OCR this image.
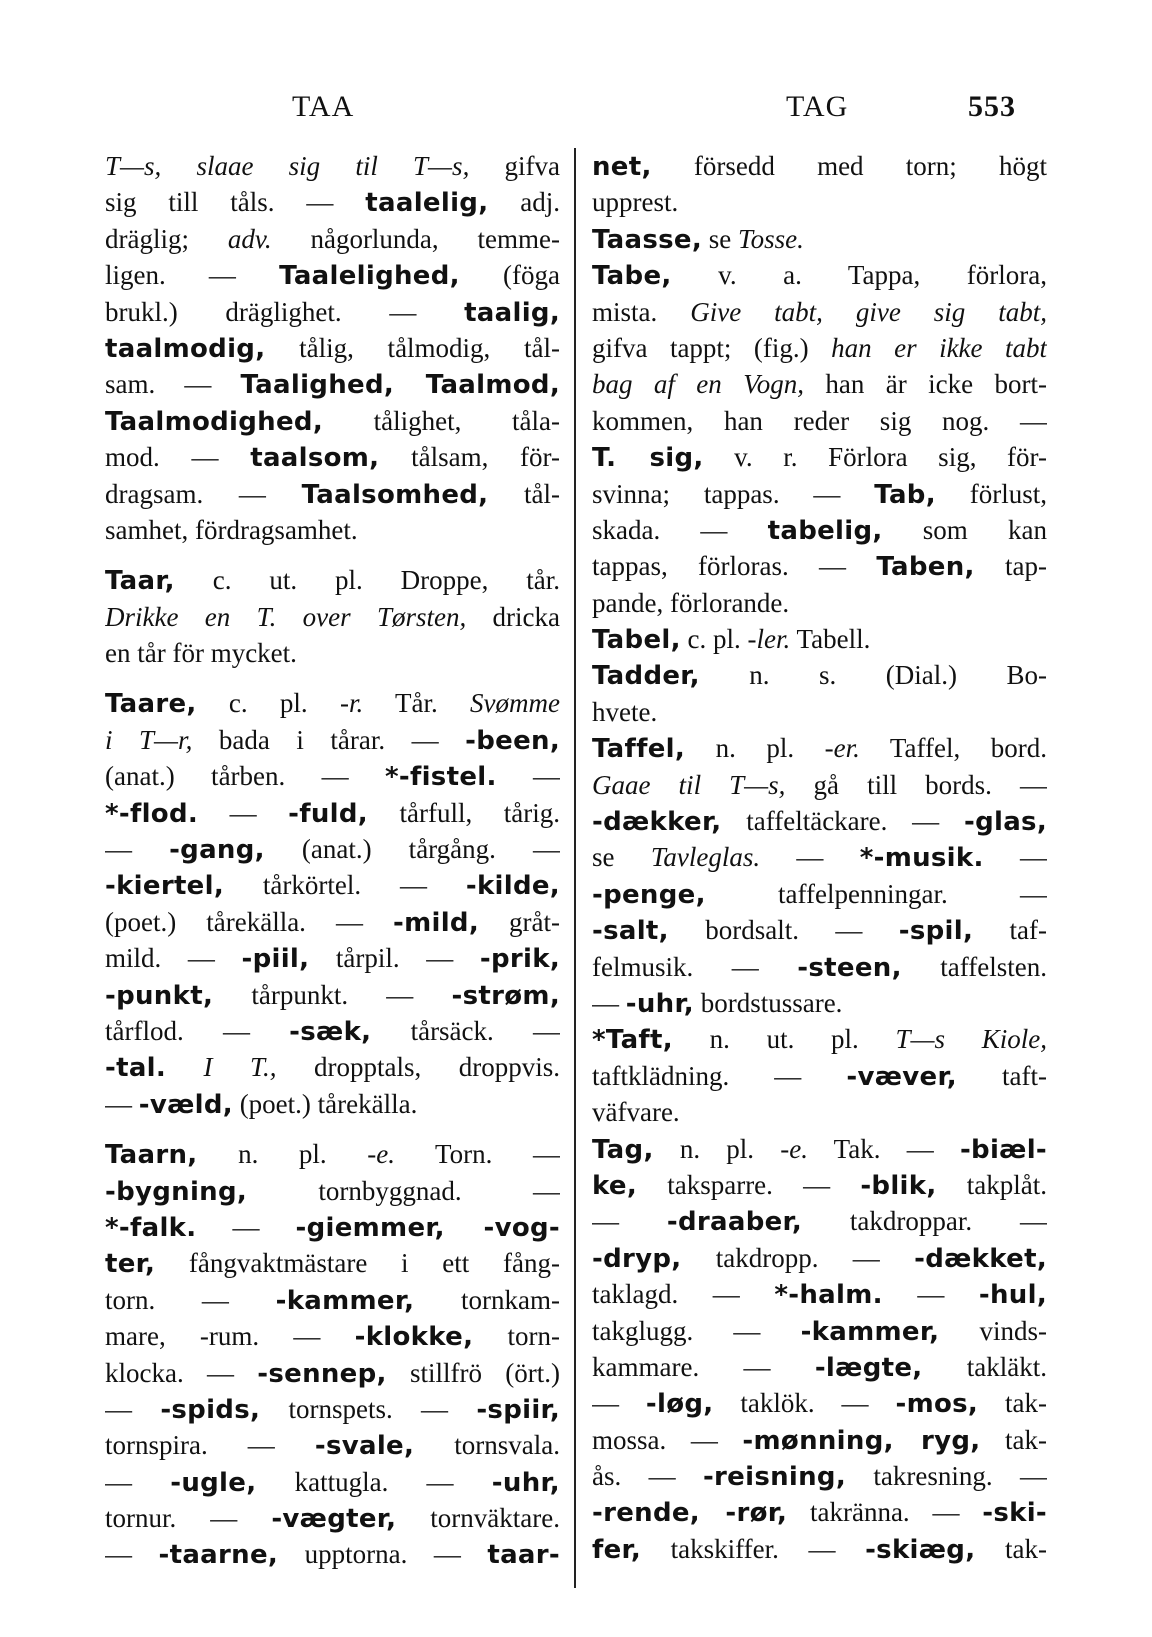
TAA	TAG	553
T—s, slaae sig til T—s, gifva
sig till tåls. — taalelig, adj.
dräglig; adv. någorlunda, temme-
ligen. — Taalelighed, (föga
brukl.) dräglighet. — taalig,
taalmodig, tålig, tålmodig, tål-
sam. — Taalighed, Taalmod,
Taalmodighed, tålighet, tåla-
mod. — taalsom, tålsam, för-
dragsam. — Taalsomhed, tål-
samhet, fördragsamhet.
Taar, c. ut. pl. Droppe, tår.
Drikke en T. over Tørsten, dricka
en tår för mycket.
Taare, c. pl. -r. Tår. Svømme
i T—r, bada i tårar. — -been,
(anat.) tårben. — *-fistel. —
*-flod. — -fuld, tårfull, tårig.
— -gang, (anat.) tårgång. —
-kiertel, tårkörtel. — -kilde,
(poet.) tårekälla. — -mild, gråt-
mild. — -piil, tårpil. — -prik,
-punkt, tårpunkt. — -strøm,
tårflod. — -sæk, tårsäck. —
-tal. I T., dropptals, droppvis.
— -væld, (poet.) tårekälla.
Taarn, n. pl. -e. Torn. —
-bygning, tornbyggnad. —
*-falk. — -giemmer, -vog-
ter, fångvaktmästare i ett fång-
torn. — -kammer, tornkam-
mare, -rum. — -klokke, torn-
klocka. — -sennep, stillfrö (ört.)
— -spids, tornspets. — -spiir,
tornspira. — -svale, tornsvala.
— -ugle, kattugla. — -uhr,
tornur. — -vægter, tornväktare.
— -taarne, upptorna. — taar-
net, försedd med torn; högt
upprest.
Taasse, se Tosse.
Tabe, v. a. Tappa, förlora,
mista. Give tabt, give sig tabt,
gifva tappt; (fig.) han er ikke tabt
bag af en Vogn, han är icke bort-
kommen, han reder sig nog. —
T. sig, v. r. Förlora sig, för-
svinna; tappas. — Tab, förlust,
skada. — tabelig, som kan
tappas, förloras. — Taben, tap-
pande, förlorande.
Tabel, c. pl. -ler. Tabell.
Tadder, n. s. (Dial.) Bo-
hvete.
Taffel, n. pl. -er. Taffel, bord.
Gaae til T—s, gå till bords. —
-dækker, taffeltäckare. — -glas,
se Tavleglas. — *-musik. —
-penge, taffelpenningar. —
-salt, bordsalt. — -spil, taf-
felmusik. — -steen, taffelsten.
— -uhr, bordstussare.
*Taft, n. ut. pl. T—s Kiole,
taftklädning. — -væver, taft-
väfvare.
Tag, n. pl. -e. Tak. — -biæl-
ke, taksparre. — -blik, takplåt.
— -draaber, takdroppar. —
-dryp, takdropp. — -dækket,
taklagd. — *-halm. — -hul,
takglugg. — -kammer, vinds-
kammare. — -lægte, takläkt.
— -løg, taklök. — -mos, tak-
mossa. — -mønning, ryg, tak-
ås. — -reisning, takresning. —
-rende, -rør, takränna. — -ski-
fer, takskiffer. — -skiæg, tak-
